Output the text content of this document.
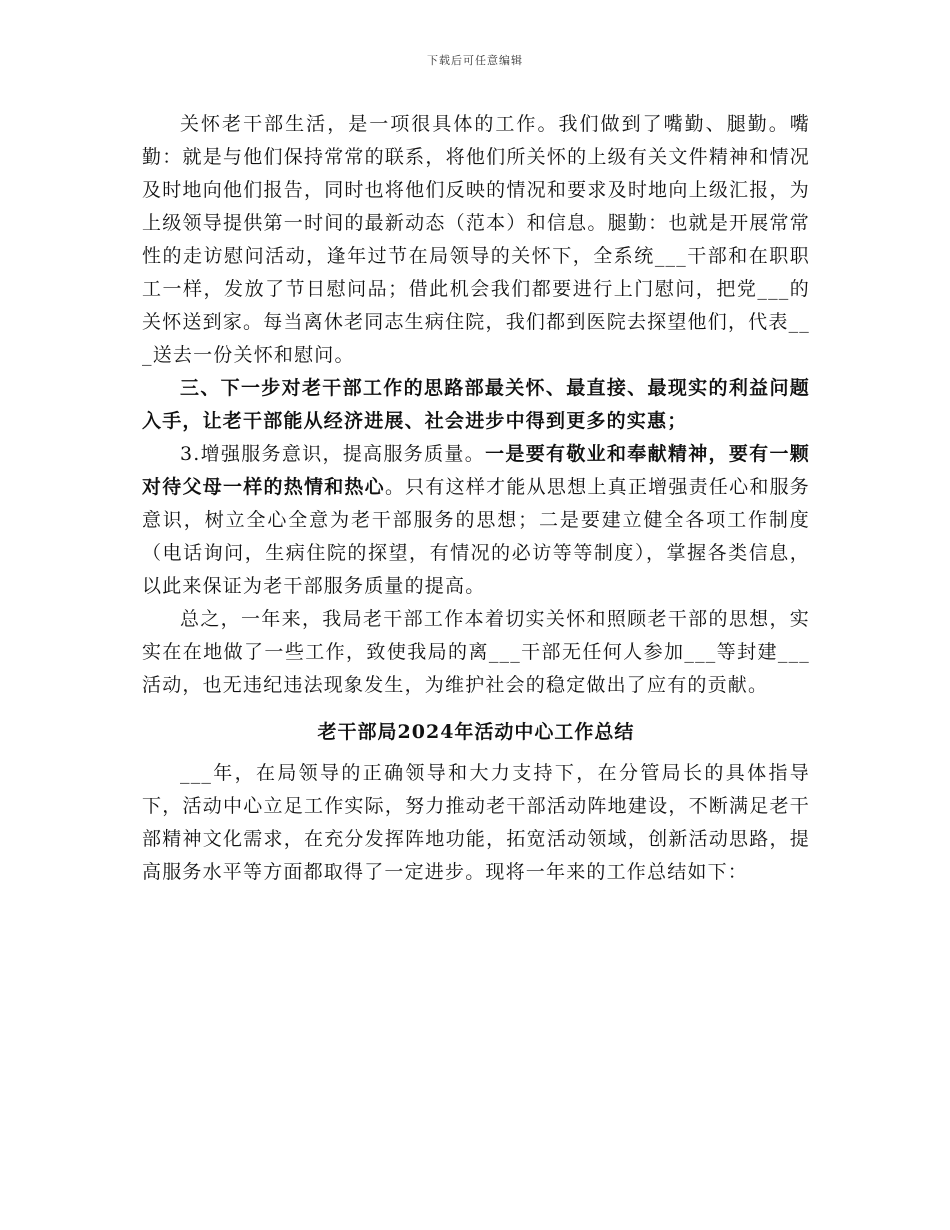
下载后可任意编辑

关怀老干部生活，是一项很具体的工作。我们做到了嘴勤、腿勤。嘴勤：就是与他们保持常常的联系，将他们所关怀的上级有关文件精神和情况及时地向他们报告，同时也将他们反映的情况和要求及时地向上级汇报，为上级领导提供第一时间的最新动态（范本）和信息。腿勤：也就是开展常常性的走访慰问活动，逢年过节在局领导的关怀下，全系统___干部和在职职工一样，发放了节日慰问品；借此机会我们都要进行上门慰问，把党___的关怀送到家。每当离休老同志生病住院，我们都到医院去探望他们，代表___送去一份关怀和慰问。

三、下一步对老干部工作的思路部最关怀、最直接、最现实的利益问题入手，让老干部能从经济进展、社会进步中得到更多的实惠；

3.增强服务意识，提高服务质量。一是要有敬业和奉献精神，要有一颗对待父母一样的热情和热心。只有这样才能从思想上真正增强责任心和服务意识，树立全心全意为老干部服务的思想；二是要建立健全各项工作制度（电话询问，生病住院的探望，有情况的必访等等制度），掌握各类信息，以此来保证为老干部服务质量的提高。

总之，一年来，我局老干部工作本着切实关怀和照顾老干部的思想，实实在在地做了一些工作，致使我局的离___干部无任何人参加___等封建___活动，也无违纪违法现象发生，为维护社会的稳定做出了应有的贡献。

老干部局2024年活动中心工作总结

___年，在局领导的正确领导和大力支持下，在分管局长的具体指导下，活动中心立足工作实际，努力推动老干部活动阵地建设，不断满足老干部精神文化需求，在充分发挥阵地功能，拓宽活动领域，创新活动思路，提高服务水平等方面都取得了一定进步。现将一年来的工作总结如下：
